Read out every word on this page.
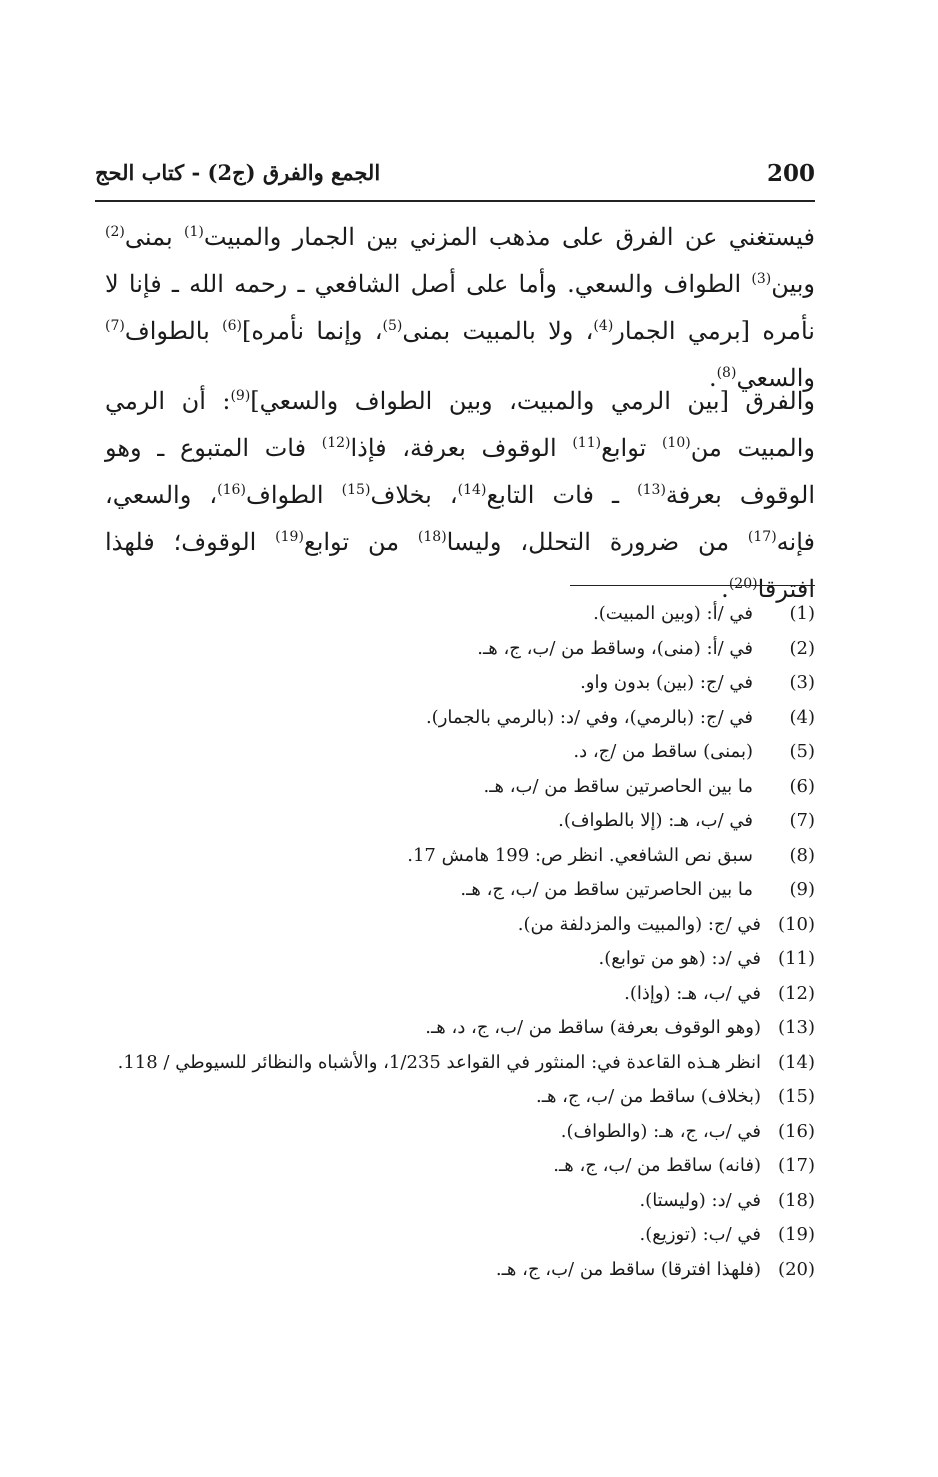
200
الجمع والفرق (ج2) - كتاب الحج

فيستغني عن الفرق على مذهب المزني بين الجمار والمبيت$^{(1)}$ بمنى$^{(2)}$ وبين$^{(3)}$ الطواف والسعي. وأما على أصل الشافعي ـ رحمه الله ـ فإنا لا نأمره [برمي الجمار$^{(4)}$، ولا بالمبيت بمنى$^{(5)}$، وإنما نأمره]$^{(6)}$ بالطواف$^{(7)}$ والسعي$^{(8)}$.

والفرق [بين الرمي والمبيت، وبين الطواف والسعي]$^{(9)}$: أن الرمي والمبيت من$^{(10)}$ توابع$^{(11)}$ الوقوف بعرفة، فإذا$^{(12)}$ فات المتبوع ـ وهو الوقوف بعرفة$^{(13)}$ ـ فات التابع$^{(14)}$، بخلاف$^{(15)}$ الطواف$^{(16)}$، والسعي، فإنه$^{(17)}$ من ضرورة التحلل، وليسا$^{(18)}$ من توابع$^{(19)}$ الوقوف؛ فلهذا افترقا$^{(20)}$.

(1)
في /أ: (وبين المبيت).
(2)
في /أ: (منى)، وساقط من /ب، ج، هـ.
(3)
في /ج: (بين) بدون واو.
(4)
في /ج: (بالرمي)، وفي /د: (بالرمي بالجمار).
(5)
(بمنى) ساقط من /ج، د.
(6)
ما بين الحاصرتين ساقط من /ب، هـ.
(7)
في /ب، هـ: (إلا بالطواف).
(8)
سبق نص الشافعي. انظر ص: 199 هامش 17.
(9)
ما بين الحاصرتين ساقط من /ب، ج، هـ.
(10)
في /ج: (والمبيت والمزدلفة من).
(11)
في /د: (هو من توابع).
(12)
في /ب، هـ: (وإذا).
(13)
(وهو الوقوف بعرفة) ساقط من /ب، ج، د، هـ.
(14)
انظر هـذه القاعدة في: المنثور في القواعد 1/235، والأشباه والنظائر للسيوطي / 118.
(15)
(بخلاف) ساقط من /ب، ج، هـ.
(16)
في /ب، ج، هـ: (والطواف).
(17)
(فانه) ساقط من /ب، ج، هـ.
(18)
في /د: (وليستا).
(19)
في /ب: (توزيع).
(20)
(فلهذا افترقا) ساقط من /ب، ج، هـ.
